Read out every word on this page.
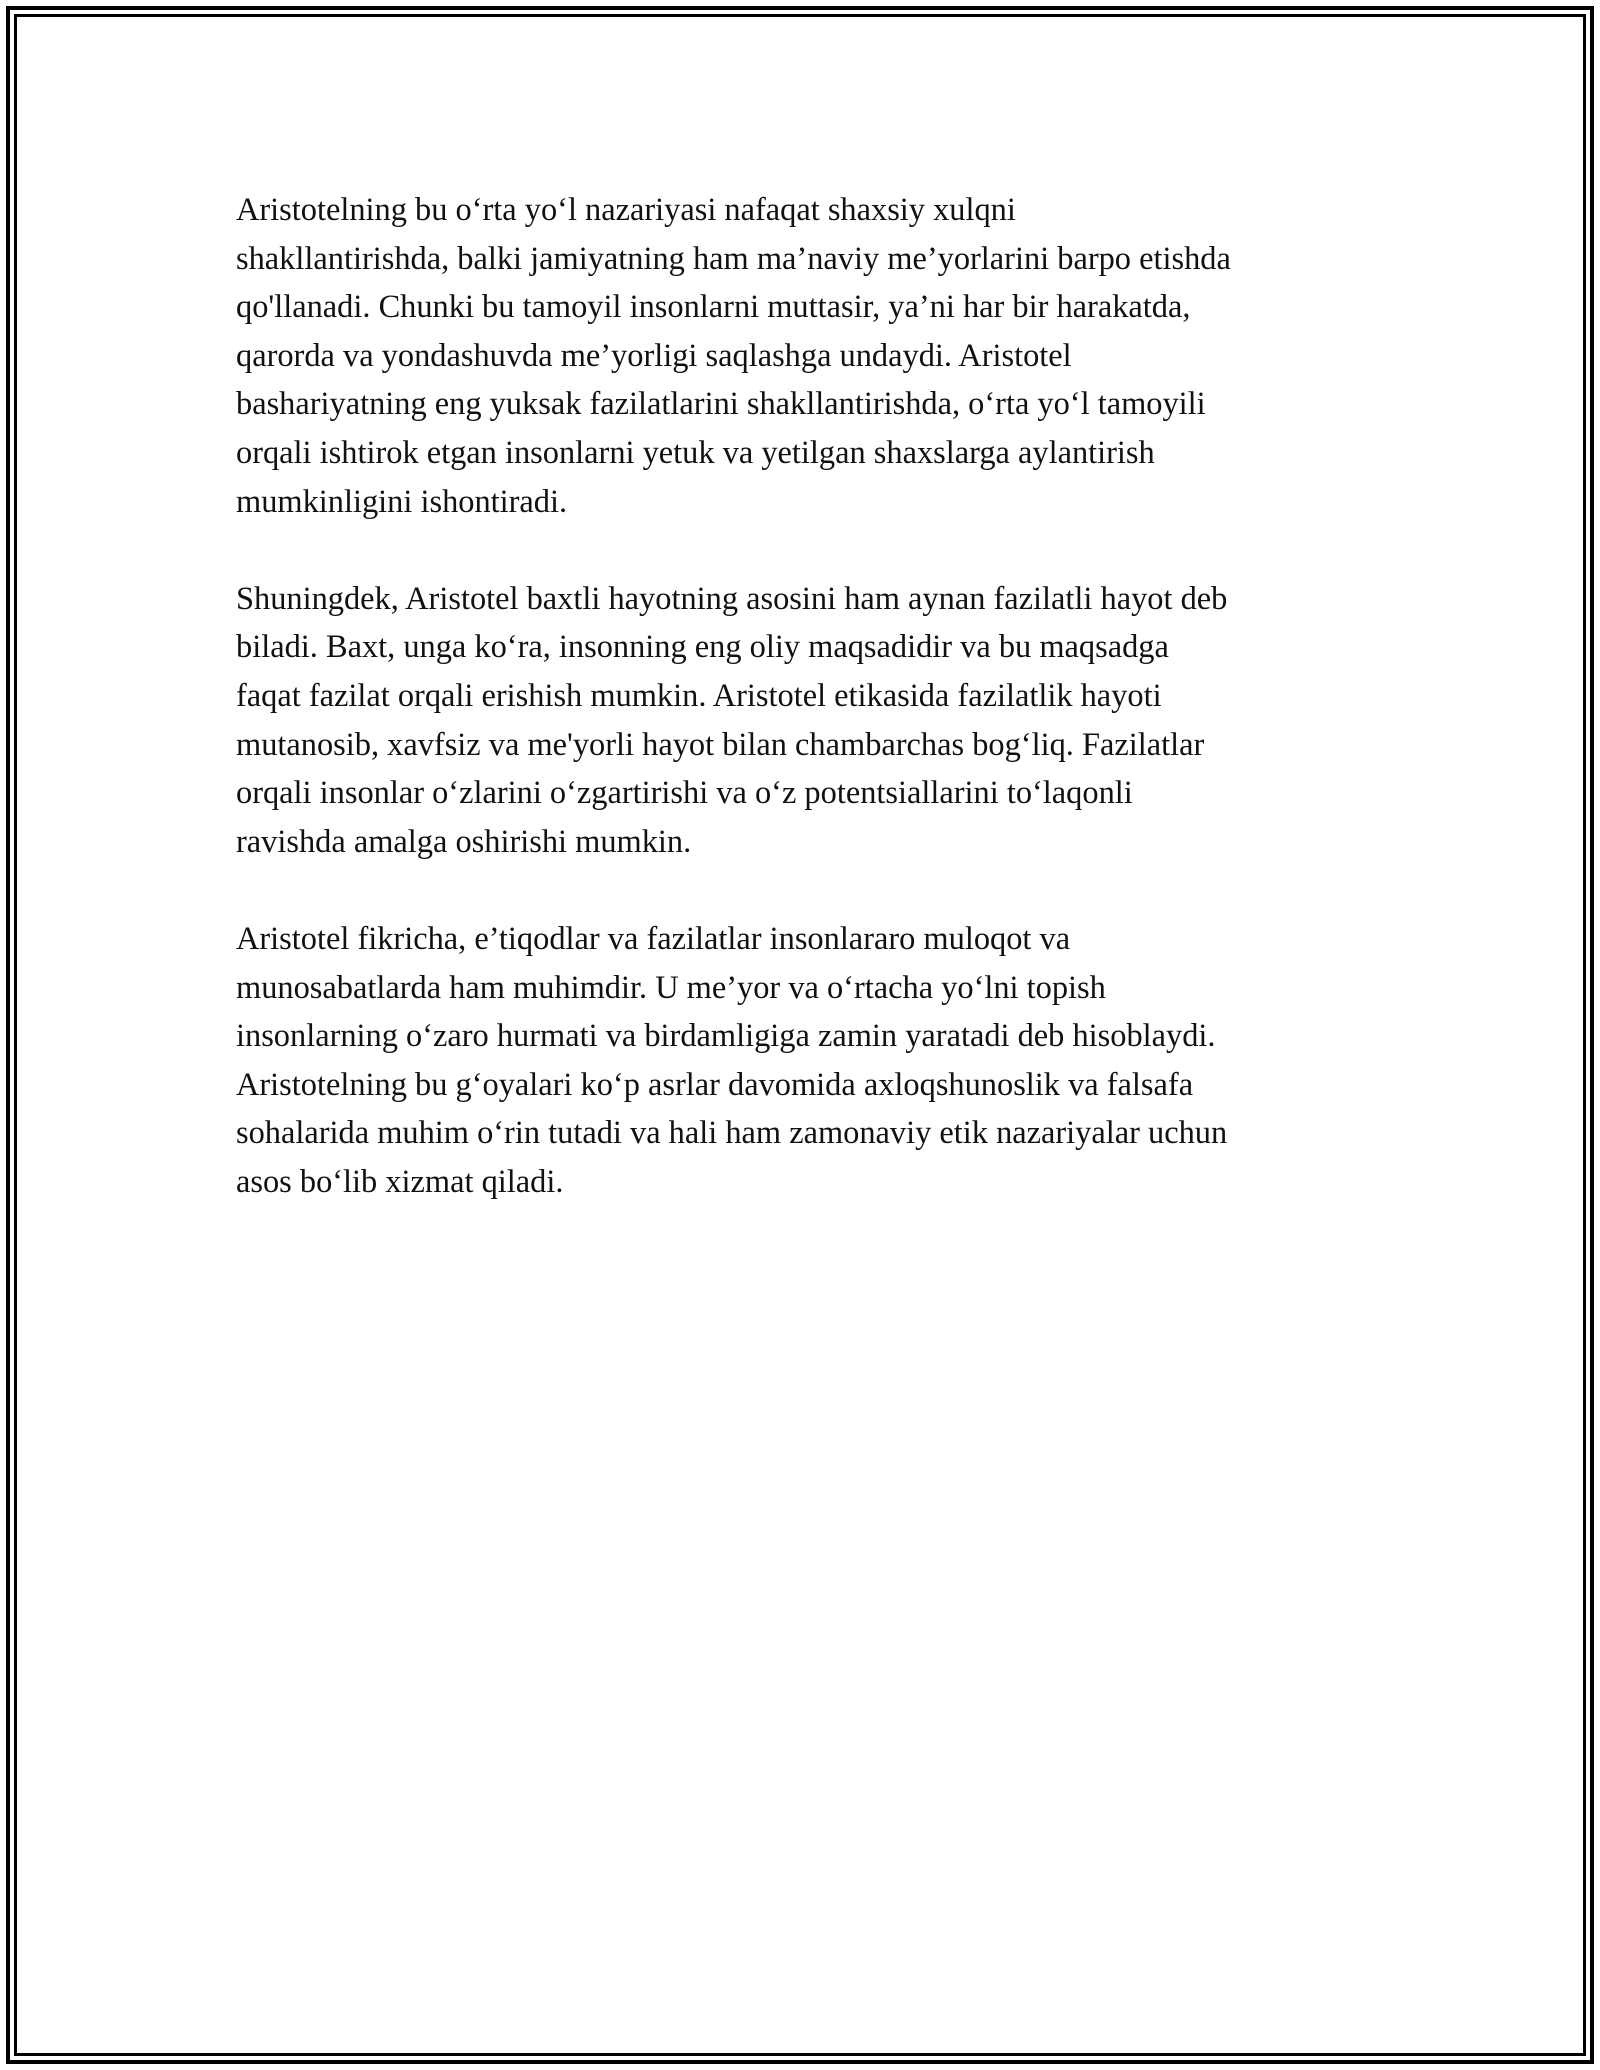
Aristotelning bu o‘rta yo‘l nazariyasi nafaqat shaxsiy xulqni
shakllantirishda, balki jamiyatning ham ma’naviy me’yorlarini barpo etishda
qo'llanadi. Chunki bu tamoyil insonlarni muttasir, ya’ni har bir harakatda,
qarorda va yondashuvda me’yorligi saqlashga undaydi. Aristotel
bashariyatning eng yuksak fazilatlarini shakllantirishda, o‘rta yo‘l tamoyili
orqali ishtirok etgan insonlarni yetuk va yetilgan shaxslarga aylantirish
mumkinligini ishontiradi.

Shuningdek, Aristotel baxtli hayotning asosini ham aynan fazilatli hayot deb
biladi. Baxt, unga ko‘ra, insonning eng oliy maqsadidir va bu maqsadga
faqat fazilat orqali erishish mumkin. Aristotel etikasida fazilatlik hayoti
mutanosib, xavfsiz va me'yorli hayot bilan chambarchas bog‘liq. Fazilatlar
orqali insonlar o‘zlarini o‘zgartirishi va o‘z potentsiallarini to‘laqonli
ravishda amalga oshirishi mumkin.

Aristotel fikricha, e’tiqodlar va fazilatlar insonlararo muloqot va
munosabatlarda ham muhimdir. U me’yor va o‘rtacha yo‘lni topish
insonlarning o‘zaro hurmati va birdamligiga zamin yaratadi deb hisoblaydi.
Aristotelning bu g‘oyalari ko‘p asrlar davomida axloqshunoslik va falsafa
sohalarida muhim o‘rin tutadi va hali ham zamonaviy etik nazariyalar uchun
asos bo‘lib xizmat qiladi.
